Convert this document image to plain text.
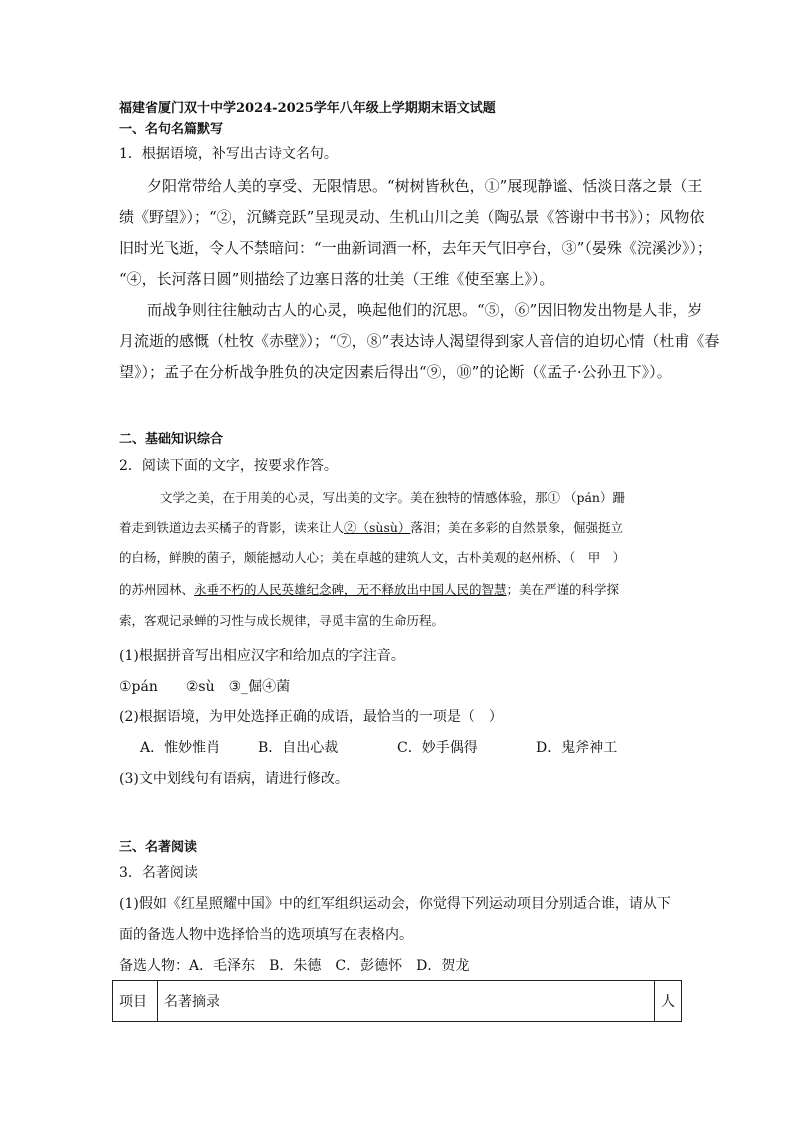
福建省厦门双十中学2024-2025学年八年级上学期期末语文试题
一、名句名篇默写
1．根据语境，补写出古诗文名句。
夕阳常带给人美的享受、无限情思。“树树皆秋色，①”展现静谧、恬淡日落之景（王
绩《野望》）；“②，沉鳞竞跃”呈现灵动、生机山川之美（陶弘景《答谢中书书》）；风物依
旧时光飞逝，令人不禁暗问：“一曲新词酒一杯，去年天气旧亭台，③”（晏殊《浣溪沙》）；
“④，长河落日圆”则描绘了边塞日落的壮美（王维《使至塞上》）。
而战争则往往触动古人的心灵，唤起他们的沉思。“⑤，⑥”因旧物发出物是人非，岁
月流逝的感慨（杜牧《赤壁》）；“⑦，⑧”表达诗人渴望得到家人音信的迫切心情（杜甫《春
望》）；孟子在分析战争胜负的决定因素后得出“⑨，⑩”的论断（《孟子·公孙丑下》）。
二、基础知识综合
2．阅读下面的文字，按要求作答。
文学之美，在于用美的心灵，写出美的文字。美在独特的情感体验，那① （pán）跚
着走到铁道边去买橘子的背影，读来让人②（sùsù）落泪；美在多彩的自然景象，倔强挺立
的白杨，鲜腴的菌子，颇能撼动人心；美在卓越的建筑人文，古朴美观的赵州桥、（　甲　）
的苏州园林、永垂不朽的人民英雄纪念碑，无不释放出中国人民的智慧；美在严谨的科学探
索，客观记录蝉的习性与成长规律，寻觅丰富的生命历程。
(1)根据拼音写出相应汉字和给加点的字注音。
①pán　　②sù　③_倔④菌
(2)根据语境，为甲处选择正确的成语，最恰当的一项是（　）
A．惟妙惟肖	B．自出心裁	C．妙手偶得	D．鬼斧神工
(3)文中划线句有语病，请进行修改。
三、名著阅读
3．名著阅读
(1)假如《红星照耀中国》中的红军组织运动会，你觉得下列运动项目分别适合谁，请从下
面的备选人物中选择恰当的选项填写在表格内。
备选人物：A．毛泽东　B．朱德　C．彭德怀　D．贺龙
项目	名著摘录	人
